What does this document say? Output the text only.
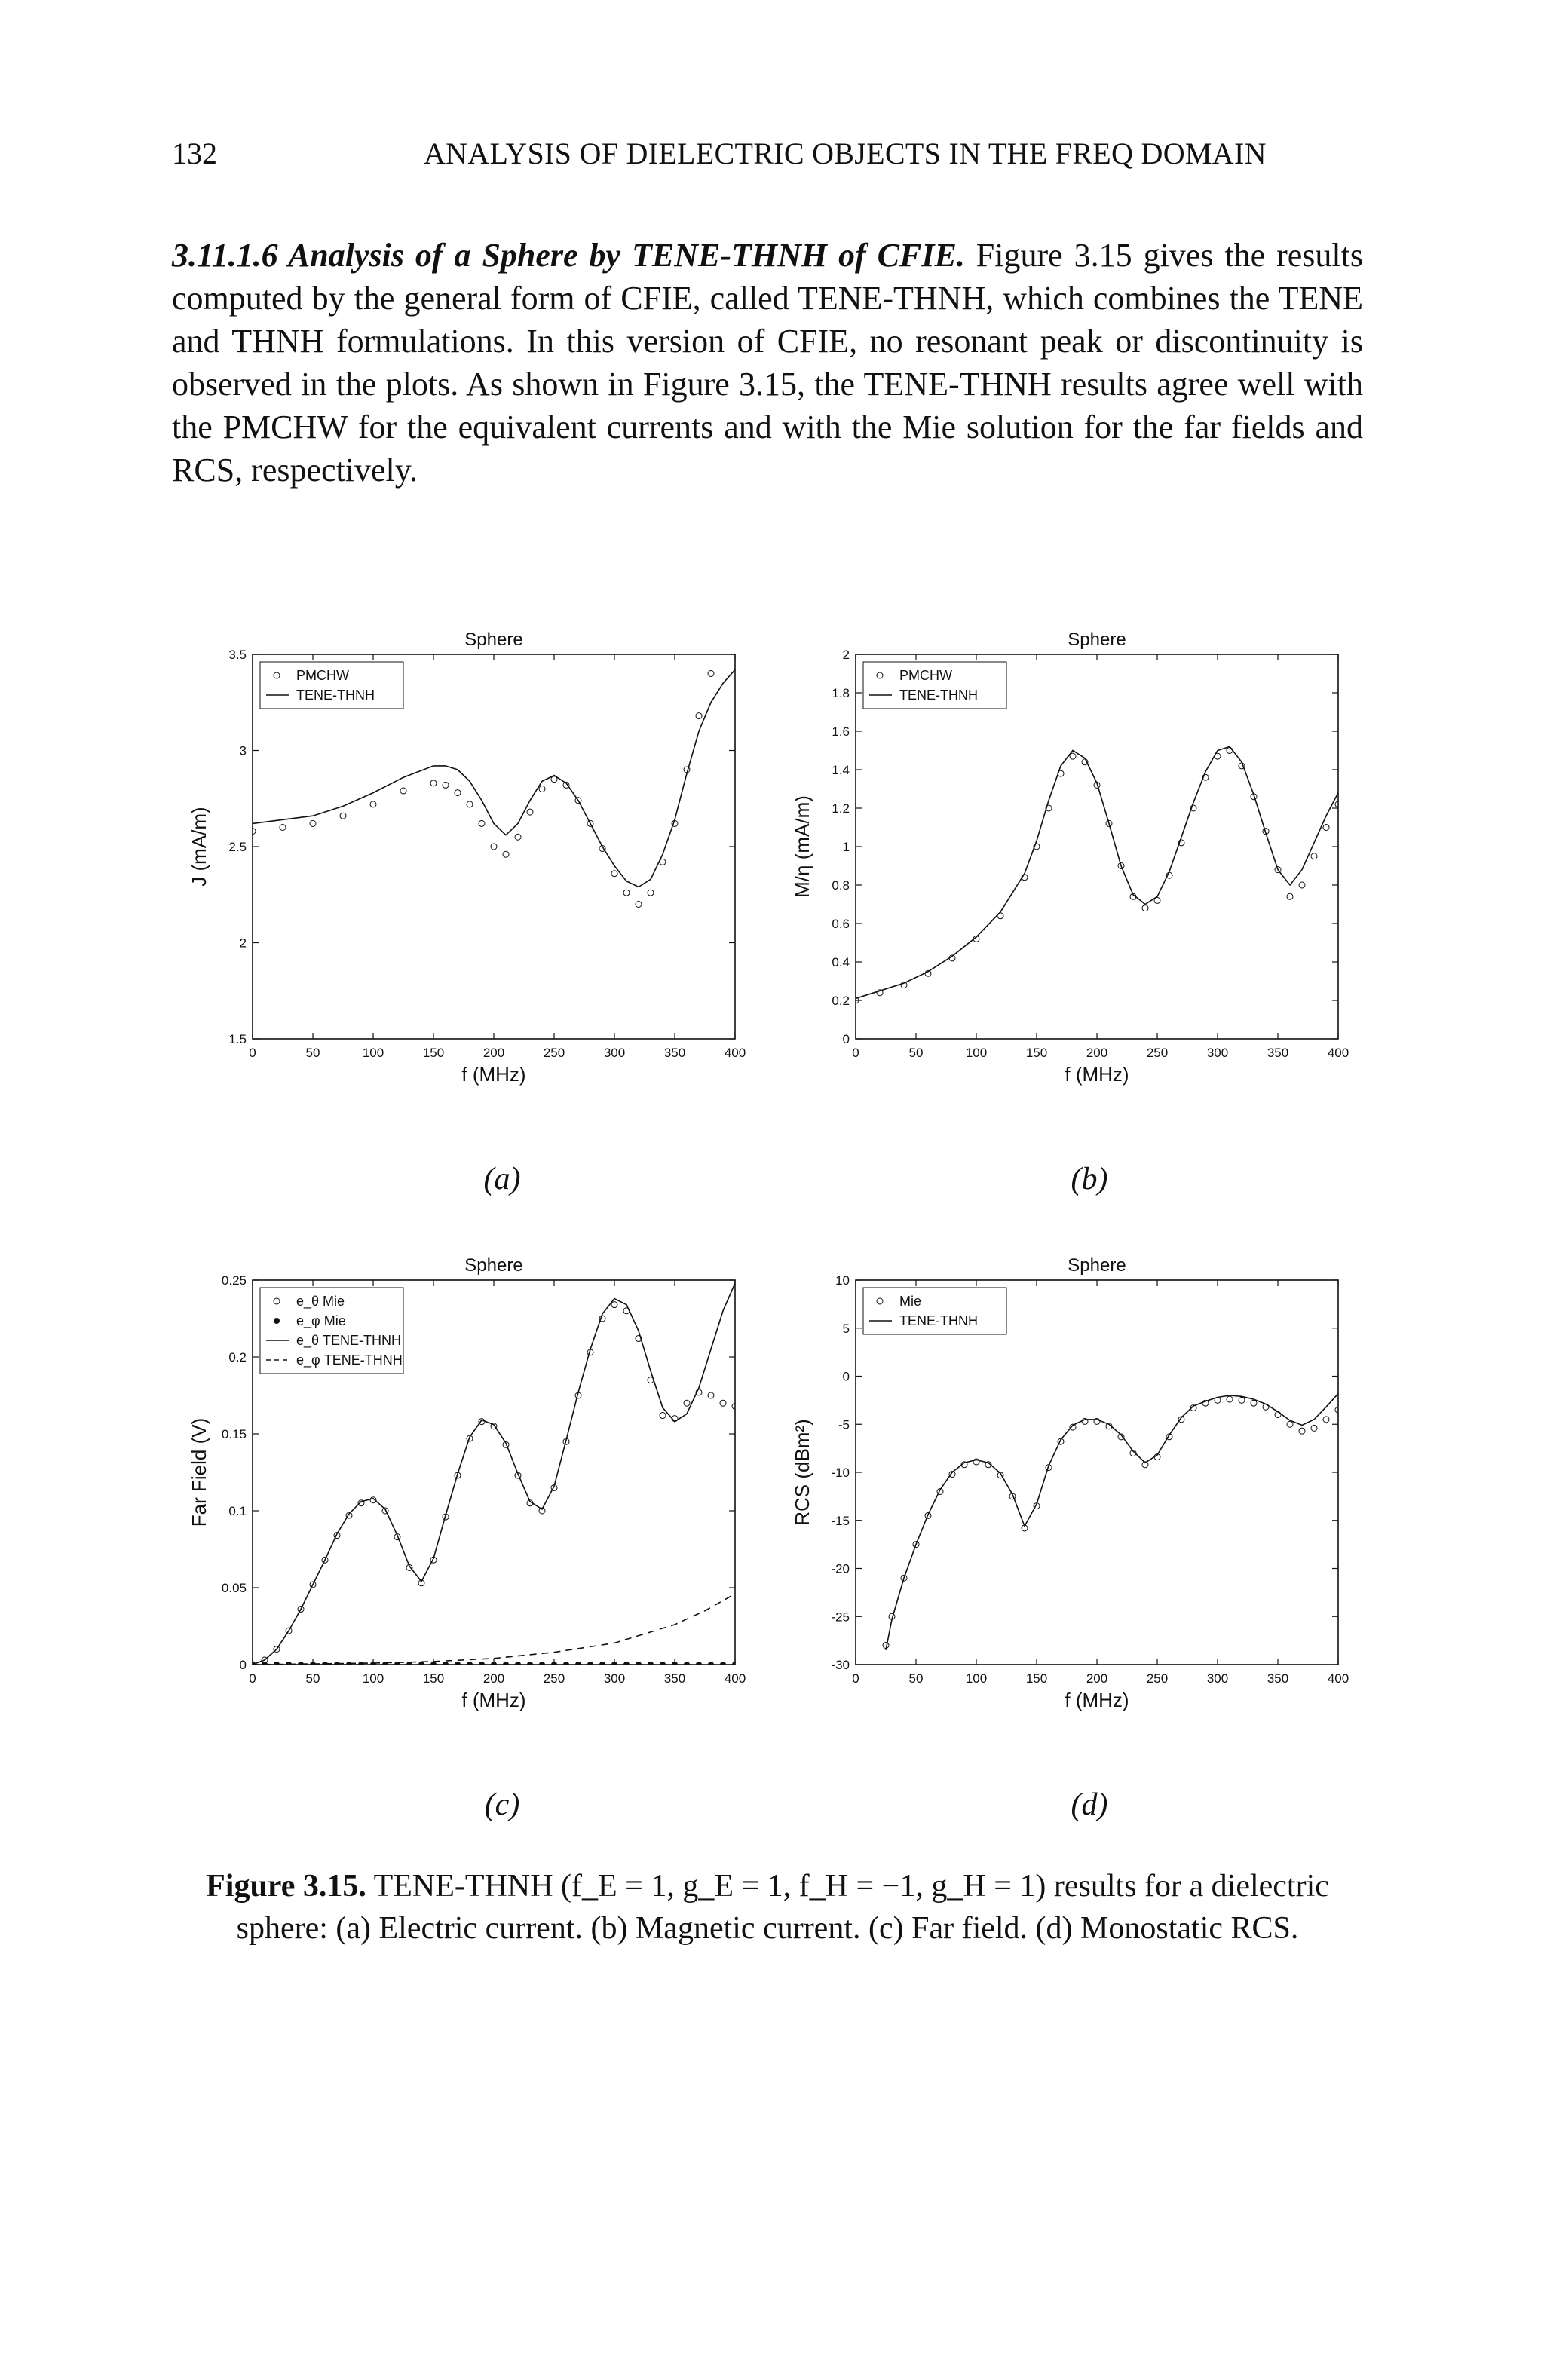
132	ANALYSIS OF DIELECTRIC OBJECTS IN THE FREQ DOMAIN

3.11.1.6 Analysis of a Sphere by TENE-THNH of CFIE. Figure 3.15 gives the results computed by the general form of CFIE, called TENE-THNH, which combines the TENE and THNH formulations. In this version of CFIE, no resonant peak or discontinuity is observed in the plots. As shown in Figure 3.15, the TENE-THNH results agree well with the PMCHW for the equivalent currents and with the Mie solution for the far fields and RCS, respectively.

0	50	100	150	200	250	300	350	400
1.5
2
2.5
3
3.5
Sphere
f (MHz)
J (mA/m)
PMCHW
TENE-THNH
0	50	100	150	200	250	300	350	400
0
0.2
0.4
0.6
0.8
1
1.2
1.4
1.6
1.8
2
Sphere
f (MHz)
M/η (mA/m)
PMCHW
TENE-THNH
0	50	100	150	200	250	300	350	400
0
0.05
0.1
0.15
0.2
0.25
Sphere
f (MHz)
Far Field (V)
e_θ Mie
e_φ Mie
e_θ TENE-THNH
e_φ TENE-THNH
0	50	100	150	200	250	300	350	400
-30
-25
-20
-15
-10
-5
0
5
10
Sphere
f (MHz)
RCS (dBm²)
Mie
TENE-THNH
(a)	(b)
(c)	(d)
Figure 3.15. TENE-THNH (f_E = 1, g_E = 1, f_H = −1, g_H = 1) results for a dielectric sphere: (a) Electric current. (b) Magnetic current. (c) Far field. (d) Monostatic RCS.
